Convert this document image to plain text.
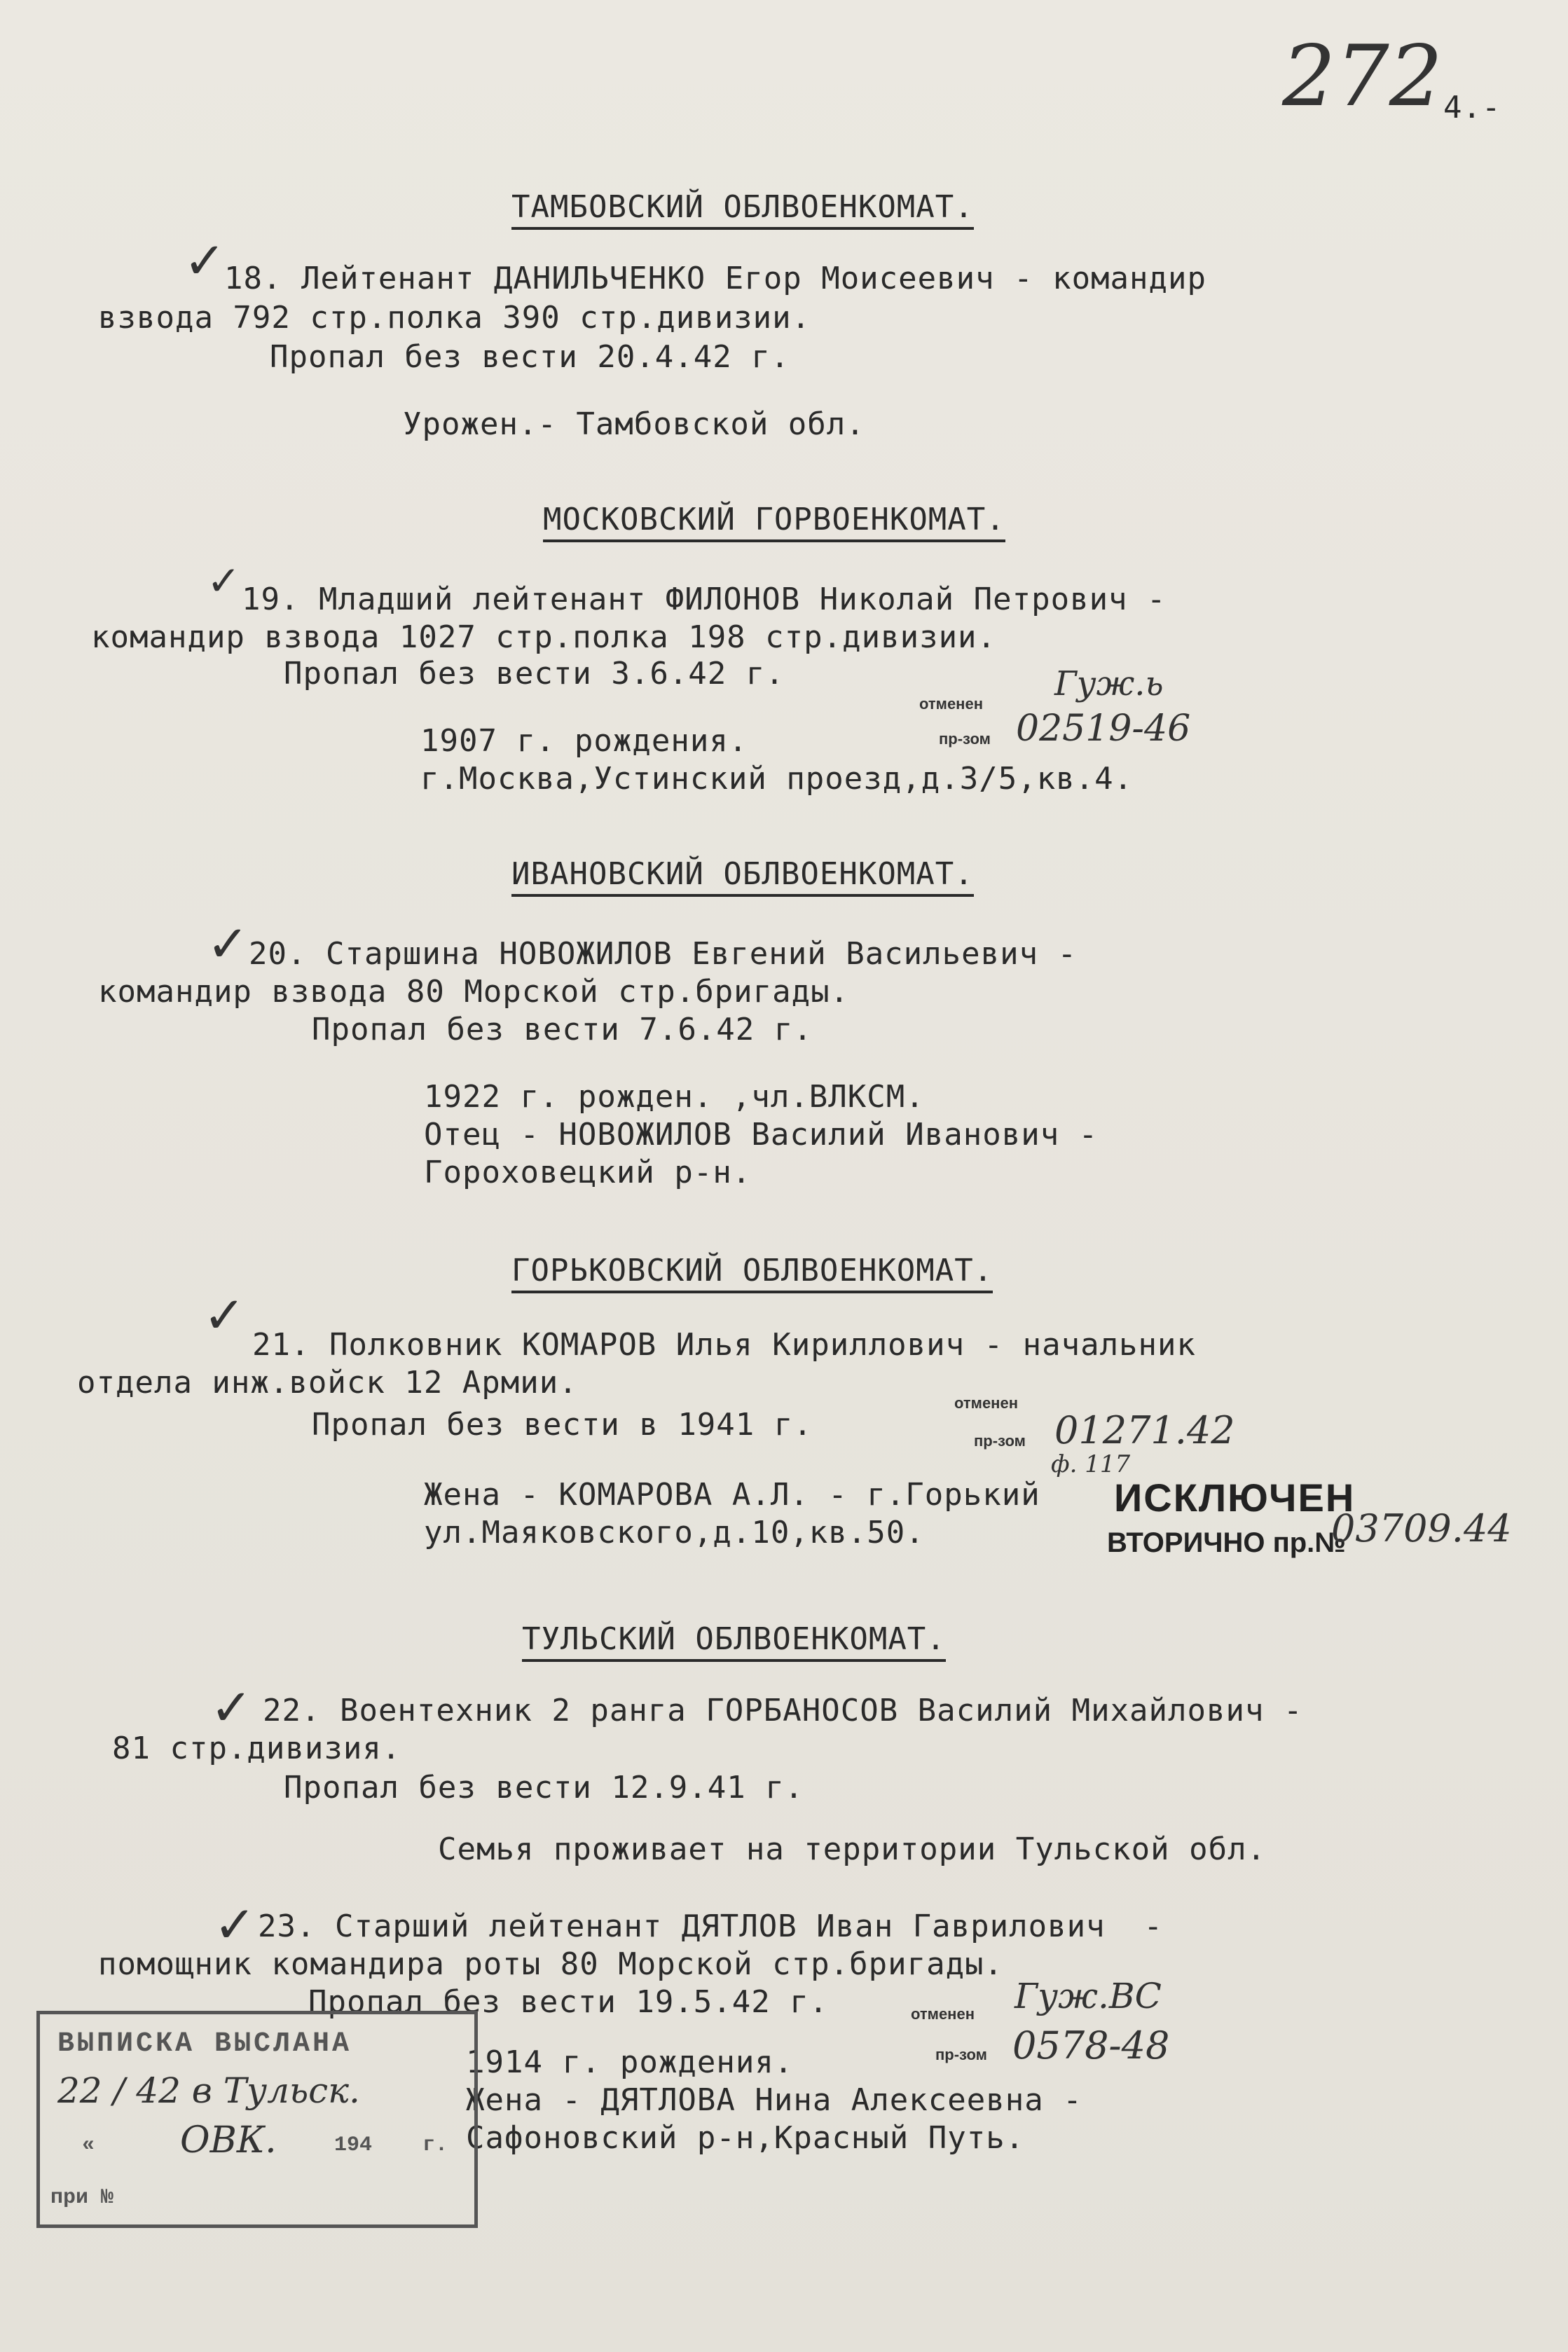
272 4.-
ТАМБОВСКИЙ ОБЛВОЕНКОМАТ.
✓
18. Лейтенант ДАНИЛЬЧЕНКО Егор Моисеевич - командир
взвода 792 стр.полка 390 стр.дивизии.
Пропал без вести 20.4.42 г.
Урожен.- Тамбовской обл.
МОСКОВСКИЙ ГОРВОЕНКОМАТ.
✓ 19. Младший лейтенант ФИЛОНОВ Николай Петрович -
командир взвода 1027 стр.полка 198 стр.дивизии.
Пропал без вести 3.6.42 г.	Гуж.ь
отменен
пр-зом 02519-46
1907 г. рождения.
г.Москва,Устинский проезд,д.3/5,кв.4.
ИВАНОВСКИЙ ОБЛВОЕНКОМАТ.
✓ 20. Старшина НОВОЖИЛОВ Евгений Васильевич -
командир взвода 80 Морской стр.бригады.
Пропал без вести 7.6.42 г.
1922 г. рожден. ,чл.ВЛКСМ.
Отец - НОВОЖИЛОВ Василий Иванович -
Гороховецкий р-н.
ГОРЬКОВСКИЙ ОБЛВОЕНКОМАТ.
✓
21. Полковник КОМАРОВ Илья Кириллович - начальник
отдела инж.войск 12 Армии.
Пропал без вести в 1941 г.
отменен
пр-зом 01271.42
ф. 117
Жена - КОМАРОВА А.Л. - г.Горький
ул.Маяковского,д.10,кв.50.
ИСКЛЮЧЕН
ВТОРИЧНО пр.№
03709.44
ТУЛЬСКИЙ ОБЛВОЕНКОМАТ.
✓ 22. Воентехник 2 ранга ГОРБАНОСОВ Василий Михайлович -
81 стр.дивизия.
Пропал без вести 12.9.41 г.
Семья проживает на территории Тульской обл.
✓ 23. Старший лейтенант ДЯТЛОВ Иван Гаврилович  -
помощник командира роты 80 Морской стр.бригады.
Пропал без вести 19.5.42 г.	Гуж.ВС
отменен
пр-зом 0578-48
1914 г. рождения.
Жена - ДЯТЛОВА Нина Алексеевна -
Сафоновский р-н,Красный Путь.
ВЫПИСКА ВЫСЛАНА
22 / 42 в Тульск.
« ОВК.	194    г.
при №
